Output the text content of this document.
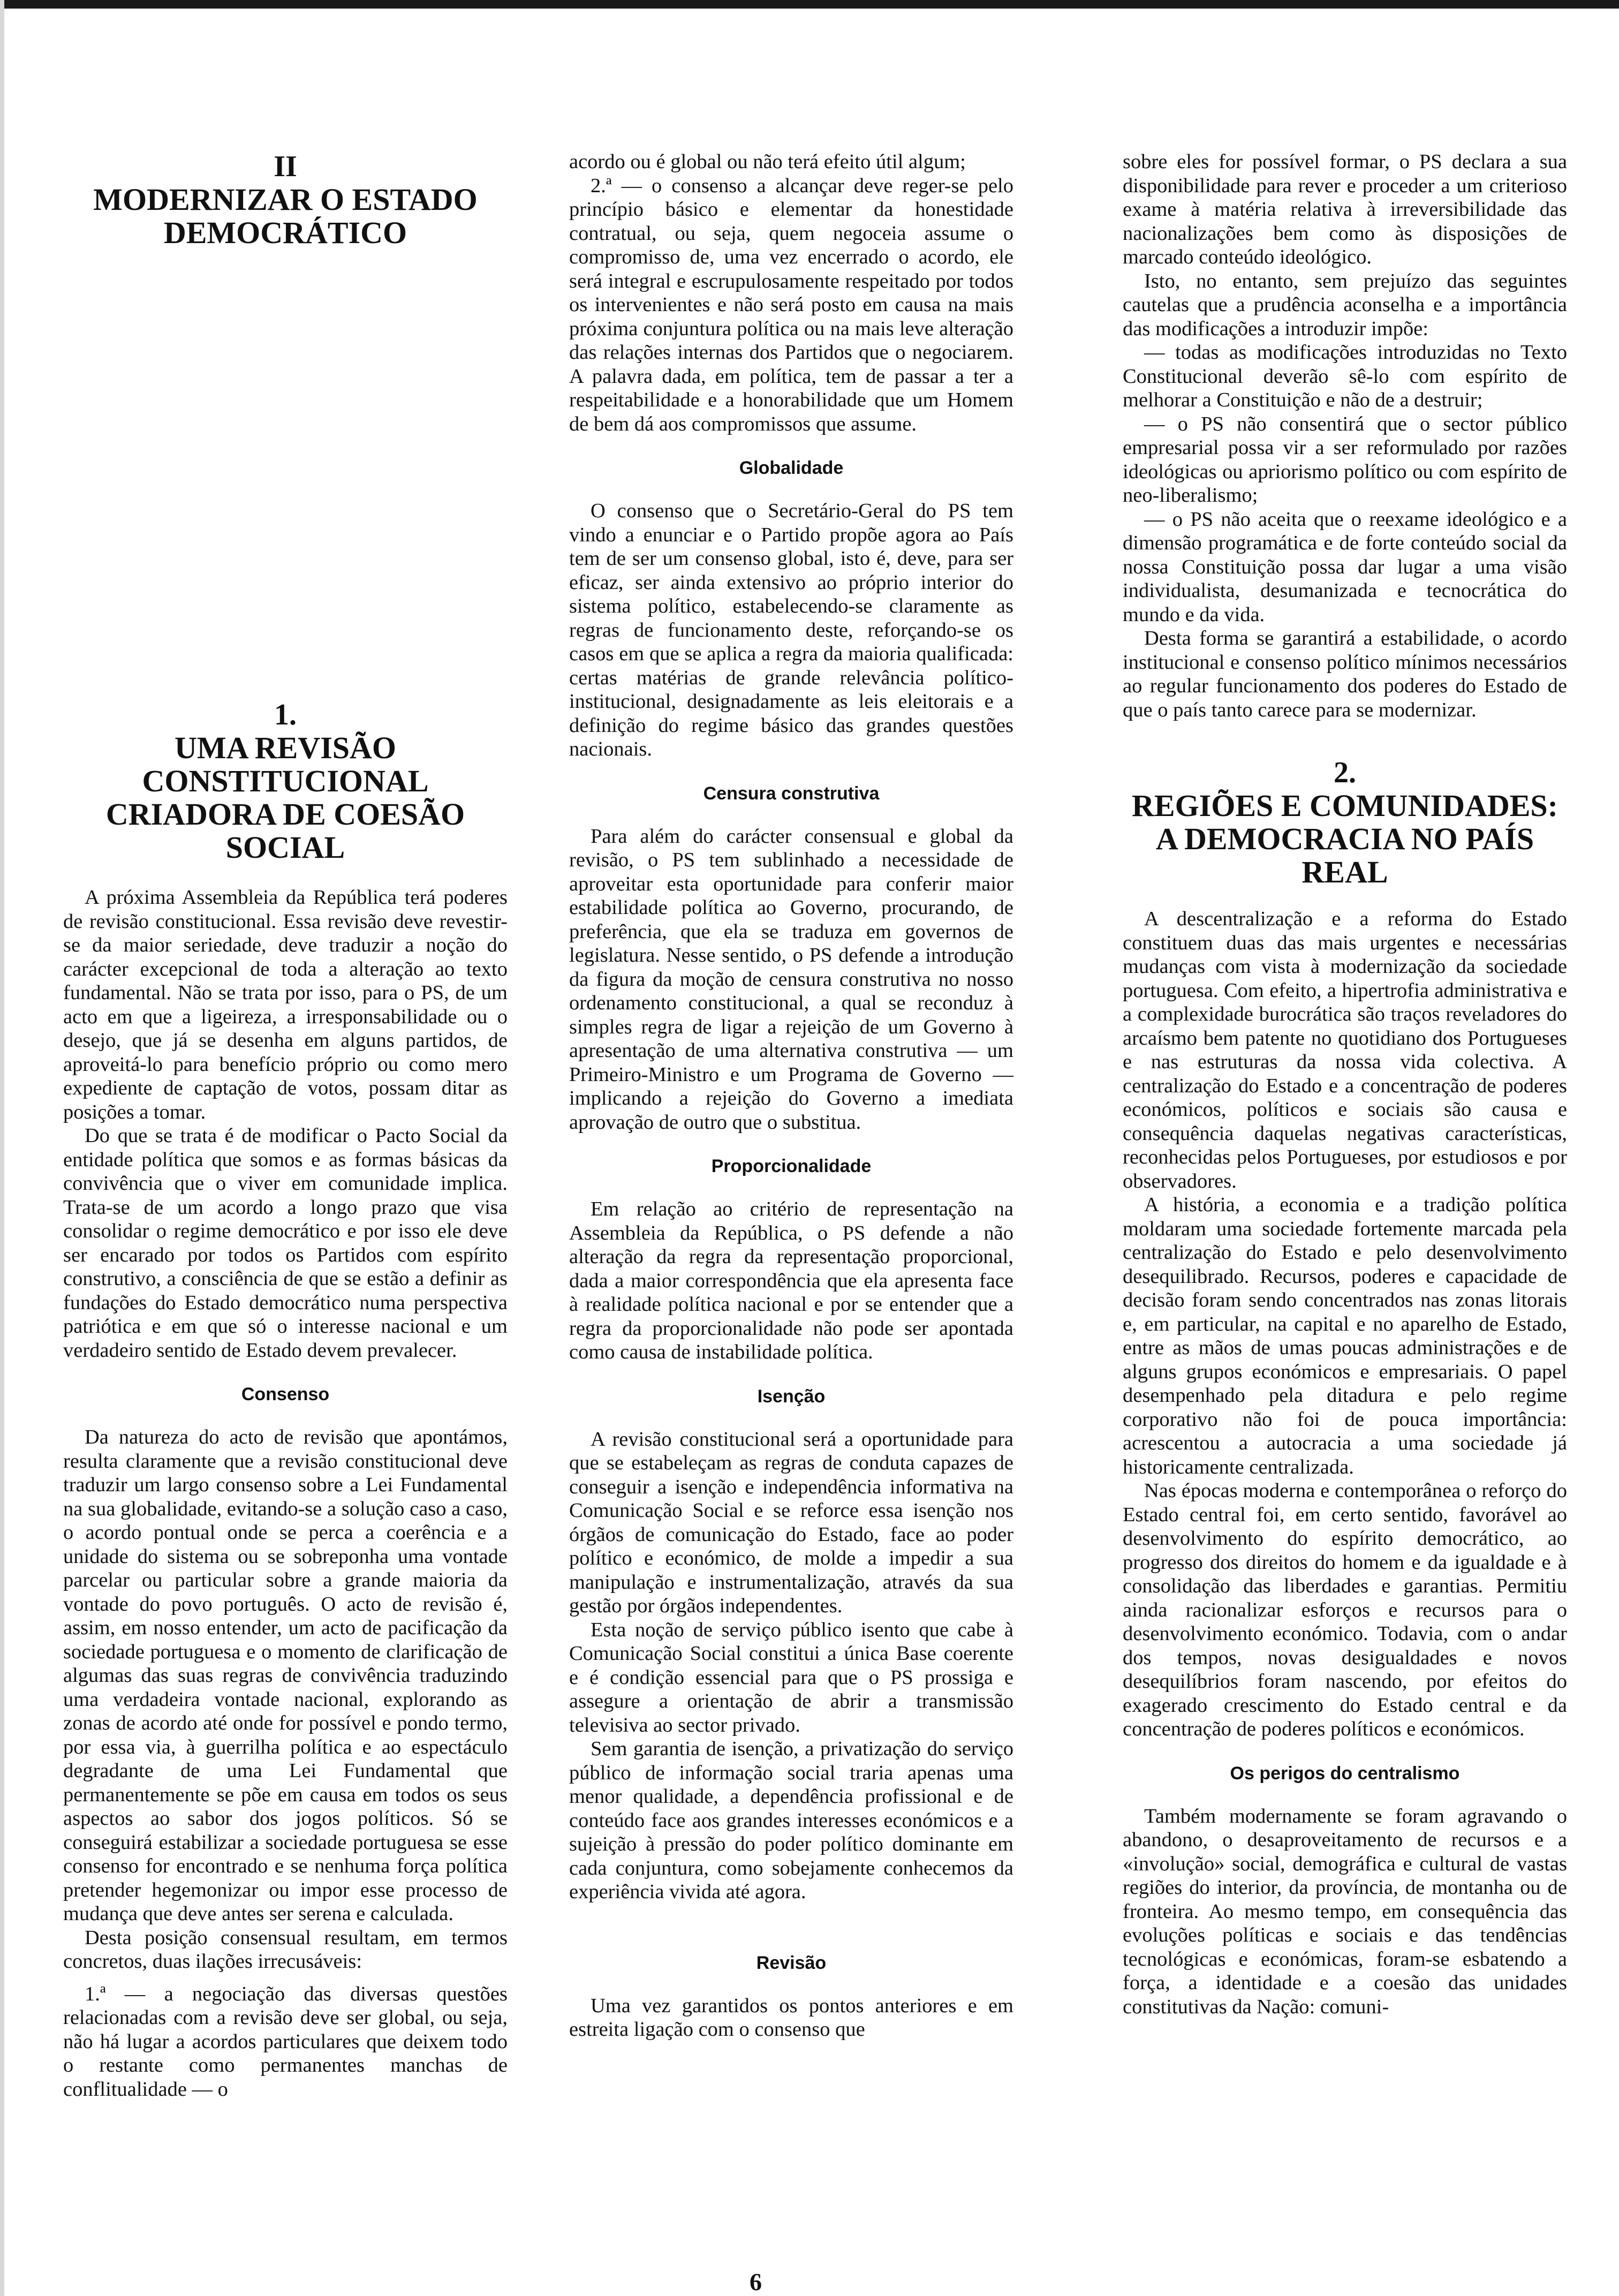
II
MODERNIZAR O ESTADO DEMOCRÁTICO
1.
UMA REVISÃO CONSTITUCIONAL CRIADORA DE COESÃO SOCIAL

A próxima Assembleia da República terá poderes de revisão constitucional. Essa revisão deve revestir-se da maior seriedade, deve traduzir a noção do carácter excepcional de toda a alteração ao texto fundamental. Não se trata por isso, para o PS, de um acto em que a ligeireza, a irresponsabilidade ou o desejo, que já se desenha em alguns partidos, de aproveitá-lo para benefício próprio ou como mero expediente de captação de votos, possam ditar as posições a tomar.

Do que se trata é de modificar o Pacto Social da entidade política que somos e as formas básicas da convivência que o viver em comunidade implica. Trata-se de um acordo a longo prazo que visa consolidar o regime democrático e por isso ele deve ser encarado por todos os Partidos com espírito construtivo, a consciência de que se estão a definir as fundações do Estado democrático numa perspectiva patriótica e em que só o interesse nacional e um verdadeiro sentido de Estado devem prevalecer.

Consenso

Da natureza do acto de revisão que apontámos, resulta claramente que a revisão constitucional deve traduzir um largo consenso sobre a Lei Fundamental na sua globalidade, evitando-se a solução caso a caso, o acordo pontual onde se perca a coerência e a unidade do sistema ou se sobreponha uma vontade parcelar ou particular sobre a grande maioria da vontade do povo português. O acto de revisão é, assim, em nosso entender, um acto de pacificação da sociedade portuguesa e o momento de clarificação de algumas das suas regras de convivência traduzindo uma verdadeira vontade nacional, explorando as zonas de acordo até onde for possível e pondo termo, por essa via, à guerrilha política e ao espectáculo degradante de uma Lei Fundamental que permanentemente se põe em causa em todos os seus aspectos ao sabor dos jogos políticos. Só se conseguirá estabilizar a sociedade portuguesa se esse consenso for encontrado e se nenhuma força política pretender hegemonizar ou impor esse processo de mudança que deve antes ser serena e calculada.

Desta posição consensual resultam, em termos concretos, duas ilações irrecusáveis:

1.ª — a negociação das diversas questões relacionadas com a revisão deve ser global, ou seja, não há lugar a acordos particulares que deixem todo o restante como permanentes manchas de conflitualidade — o

acordo ou é global ou não terá efeito útil algum;

2.ª — o consenso a alcançar deve reger-se pelo princípio básico e elementar da honestidade contratual, ou seja, quem negoceia assume o compromisso de, uma vez encerrado o acordo, ele será integral e escrupulosamente respeitado por todos os intervenientes e não será posto em causa na mais próxima conjuntura política ou na mais leve alteração das relações internas dos Partidos que o negociarem. A palavra dada, em política, tem de passar a ter a respeitabilidade e a honorabilidade que um Homem de bem dá aos compromissos que assume.

Globalidade

O consenso que o Secretário-Geral do PS tem vindo a enunciar e o Partido propõe agora ao País tem de ser um consenso global, isto é, deve, para ser eficaz, ser ainda extensivo ao próprio interior do sistema político, estabelecendo-se claramente as regras de funcionamento deste, reforçando-se os casos em que se aplica a regra da maioria qualificada: certas matérias de grande relevância político-institucional, designadamente as leis eleitorais e a definição do regime básico das grandes questões nacionais.

Censura construtiva

Para além do carácter consensual e global da revisão, o PS tem sublinhado a necessidade de aproveitar esta oportunidade para conferir maior estabilidade política ao Governo, procurando, de preferência, que ela se traduza em governos de legislatura. Nesse sentido, o PS defende a introdução da figura da moção de censura construtiva no nosso ordenamento constitucional, a qual se reconduz à simples regra de ligar a rejeição de um Governo à apresentação de uma alternativa construtiva — um Primeiro-Ministro e um Programa de Governo — implicando a rejeição do Governo a imediata aprovação de outro que o substitua.

Proporcionalidade

Em relação ao critério de representação na Assembleia da República, o PS defende a não alteração da regra da representação proporcional, dada a maior correspondência que ela apresenta face à realidade política nacional e por se entender que a regra da proporcionalidade não pode ser apontada como causa de instabilidade política.

Isenção

A revisão constitucional será a oportunidade para que se estabeleçam as regras de conduta capazes de conseguir a isenção e independência informativa na Comunicação Social e se reforce essa isenção nos órgãos de comunicação do Estado, face ao poder político e económico, de molde a impedir a sua manipulação e instrumentalização, através da sua gestão por órgãos independentes.

Esta noção de serviço público isento que cabe à Comunicação Social constitui a única Base coerente e é condição essencial para que o PS prossiga e assegure a orientação de abrir a transmissão televisiva ao sector privado.

Sem garantia de isenção, a privatização do serviço público de informação social traria apenas uma menor qualidade, a dependência profissional e de conteúdo face aos grandes interesses económicos e a sujeição à pressão do poder político dominante em cada conjuntura, como sobejamente conhecemos da experiência vivida até agora.

Revisão

Uma vez garantidos os pontos anteriores e em estreita ligação com o consenso que

sobre eles for possível formar, o PS declara a sua disponibilidade para rever e proceder a um criterioso exame à matéria relativa à irreversibilidade das nacionalizações bem como às disposições de marcado conteúdo ideológico.

Isto, no entanto, sem prejuízo das seguintes cautelas que a prudência aconselha e a importância das modificações a introduzir impõe:

— todas as modificações introduzidas no Texto Constitucional deverão sê-lo com espírito de melhorar a Constituição e não de a destruir;

— o PS não consentirá que o sector público empresarial possa vir a ser reformulado por razões ideológicas ou apriorismo político ou com espírito de neo-liberalismo;

— o PS não aceita que o reexame ideológico e a dimensão programática e de forte conteúdo social da nossa Constituição possa dar lugar a uma visão individualista, desumanizada e tecnocrática do mundo e da vida.

Desta forma se garantirá a estabilidade, o acordo institucional e consenso político mínimos necessários ao regular funcionamento dos poderes do Estado de que o país tanto carece para se modernizar.

2.
REGIÕES E COMUNIDADES: A DEMOCRACIA NO PAÍS REAL

A descentralização e a reforma do Estado constituem duas das mais urgentes e necessárias mudanças com vista à modernização da sociedade portuguesa. Com efeito, a hipertrofia administrativa e a complexidade burocrática são traços reveladores do arcaísmo bem patente no quotidiano dos Portugueses e nas estruturas da nossa vida colectiva. A centralização do Estado e a concentração de poderes económicos, políticos e sociais são causa e consequência daquelas negativas características, reconhecidas pelos Portugueses, por estudiosos e por observadores.

A história, a economia e a tradição política moldaram uma sociedade fortemente marcada pela centralização do Estado e pelo desenvolvimento desequilibrado. Recursos, poderes e capacidade de decisão foram sendo concentrados nas zonas litorais e, em particular, na capital e no aparelho de Estado, entre as mãos de umas poucas administrações e de alguns grupos económicos e empresariais. O papel desempenhado pela ditadura e pelo regime corporativo não foi de pouca importância: acrescentou a autocracia a uma sociedade já historicamente centralizada.

Nas épocas moderna e contemporânea o reforço do Estado central foi, em certo sentido, favorável ao desenvolvimento do espírito democrático, ao progresso dos direitos do homem e da igualdade e à consolidação das liberdades e garantias. Permitiu ainda racionalizar esforços e recursos para o desenvolvimento económico. Todavia, com o andar dos tempos, novas desigualdades e novos desequilíbrios foram nascendo, por efeitos do exagerado crescimento do Estado central e da concentração de poderes políticos e económicos.

Os perigos do centralismo

Também modernamente se foram agravando o abandono, o desaproveitamento de recursos e a «involução» social, demográfica e cultural de vastas regiões do interior, da província, de montanha ou de fronteira. Ao mesmo tempo, em consequência das evoluções políticas e sociais e das tendências tecnológicas e económicas, foram-se esbatendo a força, a identidade e a coesão das unidades constitutivas da Nação: comuni-

6
